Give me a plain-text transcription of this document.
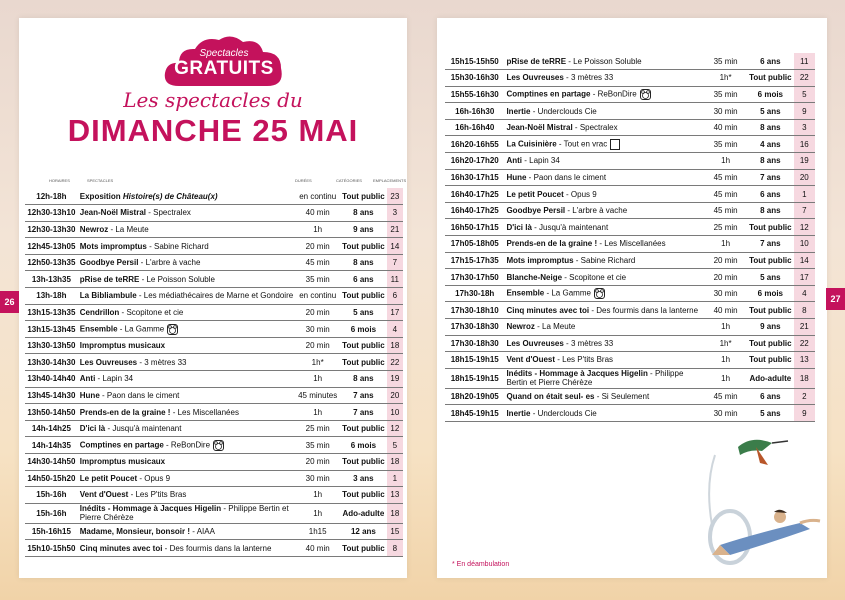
Spectacles
GRATUITS
Les spectacles du
DIMANCHE 25 MAI
HORAIRES	SPECTACLES	DURÉES	CATÉGORIES	EMPLACEMENTS
12h-18h	Exposition Histoire(s) de Château(x)	en continu	Tout public	23
12h30-13h10	Jean-Noël Mistral - Spectralex	40 min	8 ans	3
12h30-13h30	Newroz - La Meute	1h	9 ans	21
12h45-13h05	Mots impromptus - Sabine Richard	20 min	Tout public	14
12h50-13h35	Goodbye Persil - L'arbre à vache	45 min	8 ans	7
13h-13h35	pRise de teRRE - Le Poisson Soluble	35 min	6 ans	11
13h-18h	La Bibliambule - Les médiathécaires de Marne et Gondoire	en continu	Tout public	6
13h15-13h35	Cendrillon - Scopitone et cie	20 min	5 ans	17
13h15-13h45	Ensemble - La Gamme	30 min	6 mois	4
13h30-13h50	Impromptus musicaux	20 min	Tout public	18
13h30-14h30	Les Ouvreuses - 3 mètres 33	1h*	Tout public	22
13h40-14h40	Anti - Lapin 34	1h	8 ans	19
13h45-14h30	Hune - Paon dans le ciment	45 minutes	7 ans	20
13h50-14h50	Prends-en de la graine ! - Les Miscellanées	1h	7 ans	10
14h-14h25	D'ici là - Jusqu'à maintenant	25 min	Tout public	12
14h-14h35	Comptines en partage - ReBonDire	35 min	6 mois	5
14h30-14h50	Impromptus musicaux	20 min	Tout public	18
14h50-15h20	Le petit Poucet - Opus 9	30 min	3 ans	1
15h-16h	Vent d'Ouest - Les P'tits Bras	1h	Tout public	13
15h-16h	Inédits - Hommage à Jacques Higelin - Philippe Bertin et Pierre Chérèze	1h	Ado-adulte	18
15h-16h15	Madame, Monsieur, bonsoir ! - AIAA	1h15	12 ans	15
15h10-15h50	Cinq minutes avec toi - Des fourmis dans la lanterne	40 min	Tout public	8
15h15-15h50	pRise de teRRE - Le Poisson Soluble	35 min	6 ans	11
15h30-16h30	Les Ouvreuses - 3 mètres 33	1h*	Tout public	22
15h55-16h30	Comptines en partage - ReBonDire	35 min	6 mois	5
16h-16h30	Inertie - Underclouds Cie	30 min	5 ans	9
16h-16h40	Jean-Noël Mistral - Spectralex	40 min	8 ans	3
16h20-16h55	La Cuisinière - Tout en vrac	35 min	4 ans	16
16h20-17h20	Anti - Lapin 34	1h	8 ans	19
16h30-17h15	Hune - Paon dans le ciment	45 min	7 ans	20
16h40-17h25	Le petit Poucet - Opus 9	45 min	6 ans	1
16h40-17h25	Goodbye Persil - L'arbre à vache	45 min	8 ans	7
16h50-17h15	D'ici là - Jusqu'à maintenant	25 min	Tout public	12
17h05-18h05	Prends-en de la graine ! - Les Miscellanées	1h	7 ans	10
17h15-17h35	Mots impromptus - Sabine Richard	20 min	Tout public	14
17h30-17h50	Blanche-Neige - Scopitone et cie	20 min	5 ans	17
17h30-18h	Ensemble - La Gamme	30 min	6 mois	4
17h30-18h10	Cinq minutes avec toi - Des fourmis dans la lanterne	40 min	Tout public	8
17h30-18h30	Newroz - La Meute	1h	9 ans	21
17h30-18h30	Les Ouvreuses - 3 mètres 33	1h*	Tout public	22
18h15-19h15	Vent d'Ouest - Les P'tits Bras	1h	Tout public	13
18h15-19h15	Inédits - Hommage à Jacques Higelin - Philippe Bertin et Pierre Chérèze	1h	Ado-adulte	18
18h20-19h05	Quand on était seul- es - Si Seulement	45 min	6 ans	2
18h45-19h15	Inertie - Underclouds Cie	30 min	5 ans	9
26	27
* En déambulation
